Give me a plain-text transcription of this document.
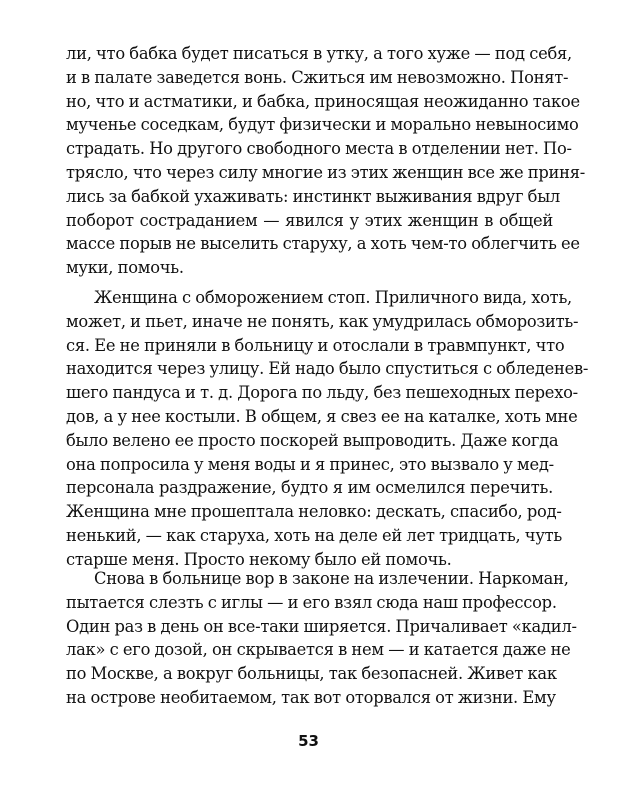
ли, что бабка будет писаться в утку, а того хуже — под себя,
и в палате заведется вонь. Сжиться им невозможно. Понят-
но, что и астматики, и бабка, приносящая неожиданно такое
мученье соседкам, будут физически и морально невыносимо
страдать. Но другого свободного места в отделении нет. По-
трясло, что через силу многие из этих женщин все же приня-
лись за бабкой ухаживать: инстинкт выживания вдруг был
поборот состраданием — явился у этих женщин в общей
массе порыв не выселить старуху, а хоть чем-то облегчить ее
муки, помочь.
Женщина с обморожением стоп. Приличного вида, хоть,
может, и пьет, иначе не понять, как умудрилась обморозить-
ся. Ее не приняли в больницу и отослали в травмпункт, что
находится через улицу. Ей надо было спуститься с обледенев-
шего пандуса и т. д. Дорога по льду, без пешеходных перехо-
дов, а у нее костыли. В общем, я свез ее на каталке, хоть мне
было велено ее просто поскорей выпроводить. Даже когда
она попросила у меня воды и я принес, это вызвало у мед-
персонала раздражение, будто я им осмелился перечить.
Женщина мне прошептала неловко: дескать, спасибо, род-
ненький, — как старуха, хоть на деле ей лет тридцать, чуть
старше меня. Просто некому было ей помочь.
Снова в больнице вор в законе на излечении. Наркоман,
пытается слезть с иглы — и его взял сюда наш профессор.
Один раз в день он все-таки ширяется. Причаливает «кадил-
лак» с его дозой, он скрывается в нем — и катается даже не
по Москве, а вокруг больницы, так безопасней. Живет как
на острове необитаемом, так вот оторвался от жизни. Ему
53
